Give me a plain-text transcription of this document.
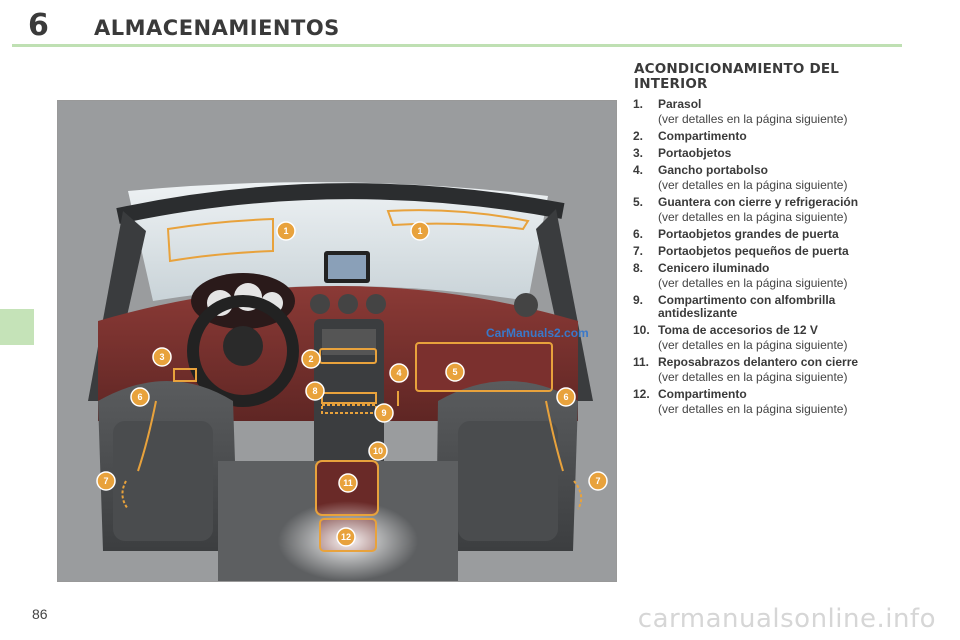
6 ALMACENAMIENTOS
1	1
2
3
4	5
6	6
7	7
8
9
10
11
12
CarManuals2.com
ACONDICIONAMIENTO DEL INTERIOR
1.	Parasol
(ver detalles en la página siguiente)
2.	Compartimento
3.	Portaobjetos
4.	Gancho portabolso
(ver detalles en la página siguiente)
5.	Guantera con cierre y refrigeración
(ver detalles en la página siguiente)
6.	Portaobjetos grandes de puerta
7.	Portaobjetos pequeños de puerta
8.	Cenicero iluminado
(ver detalles en la página siguiente)
9.	Compartimento con alfombrilla antideslizante
10. Toma de accesorios de 12 V
(ver detalles en la página siguiente)
11. Reposabrazos delantero con cierre
(ver detalles en la página siguiente)
12. Compartimento
(ver detalles en la página siguiente)
86	carmanualsonline.info
